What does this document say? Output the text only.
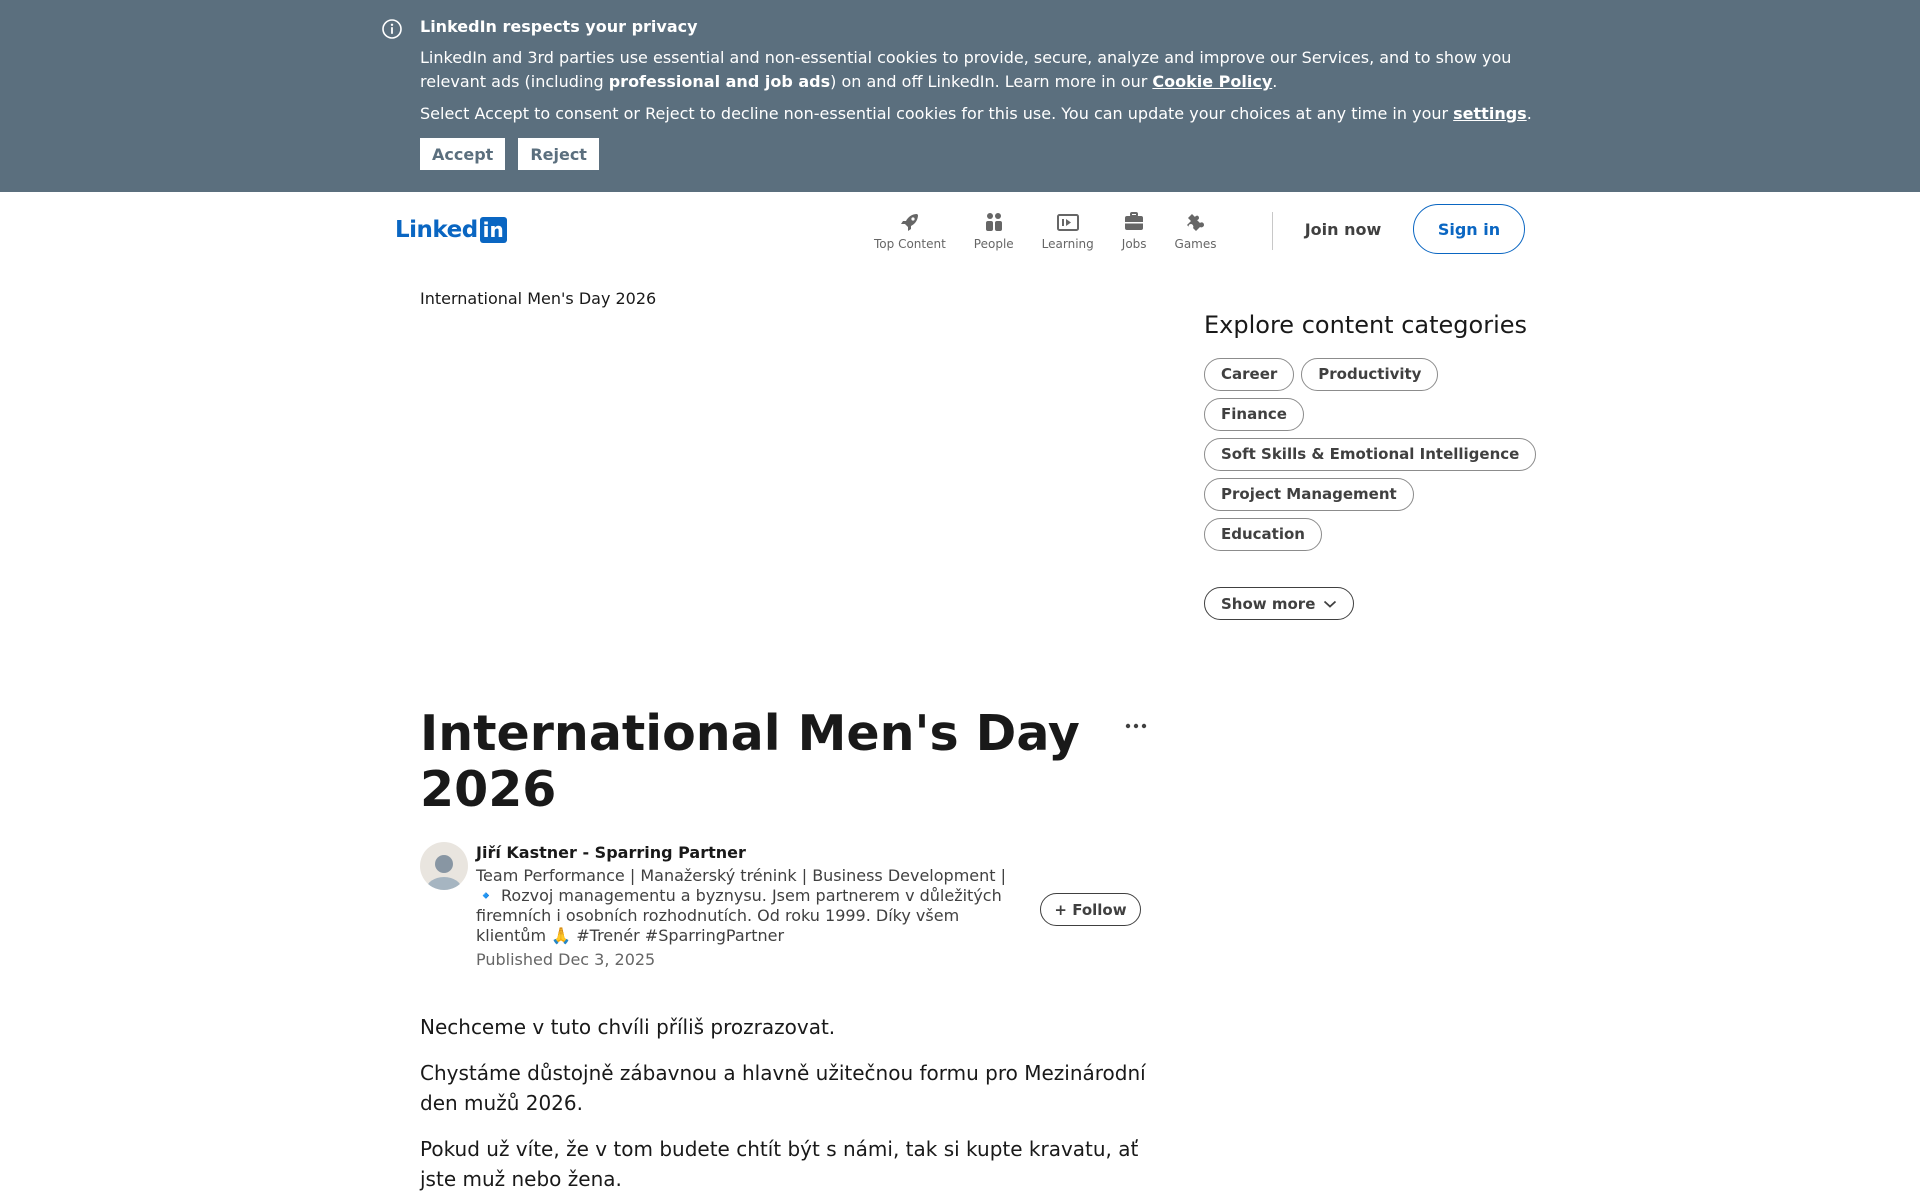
LinkedIn respects your privacy
LinkedIn and 3rd parties use essential and non-essential cookies to provide, secure, analyze and improve our Services, and to show you relevant ads (including professional and job ads) on and off LinkedIn. Learn more in our Cookie Policy.
Select Accept to consent or Reject to decline non-essential cookies for this use. You can update your choices at any time in your settings.
Accept	Reject
Linked in
Top Content People Learning Jobs Games
Join now	Sign in
International Men's Day 2026
International Men's Day 2026
Jiří Kastner - Sparring Partner
Team Performance | Manažerský trénink | Business Development | 🔹 Rozvoj managementu a byznysu. Jsem partnerem v důležitých firemních i osobních rozhodnutích. Od roku 1999. Díky všem klientům 🙏 #Trenér #SparringPartner
Published Dec 3, 2025
+ Follow

Nechceme v tuto chvíli příliš prozrazovat.

Chystáme důstojně zábavnou a hlavně užitečnou formu pro Mezinárodní den mužů 2026.

Pokud už víte, že v tom budete chtít být s námi, tak si kupte kravatu, ať jste muž nebo žena.

Explore content categories
Career	Productivity
Finance
Soft Skills & Emotional Intelligence
Project Management
Education
Show more
